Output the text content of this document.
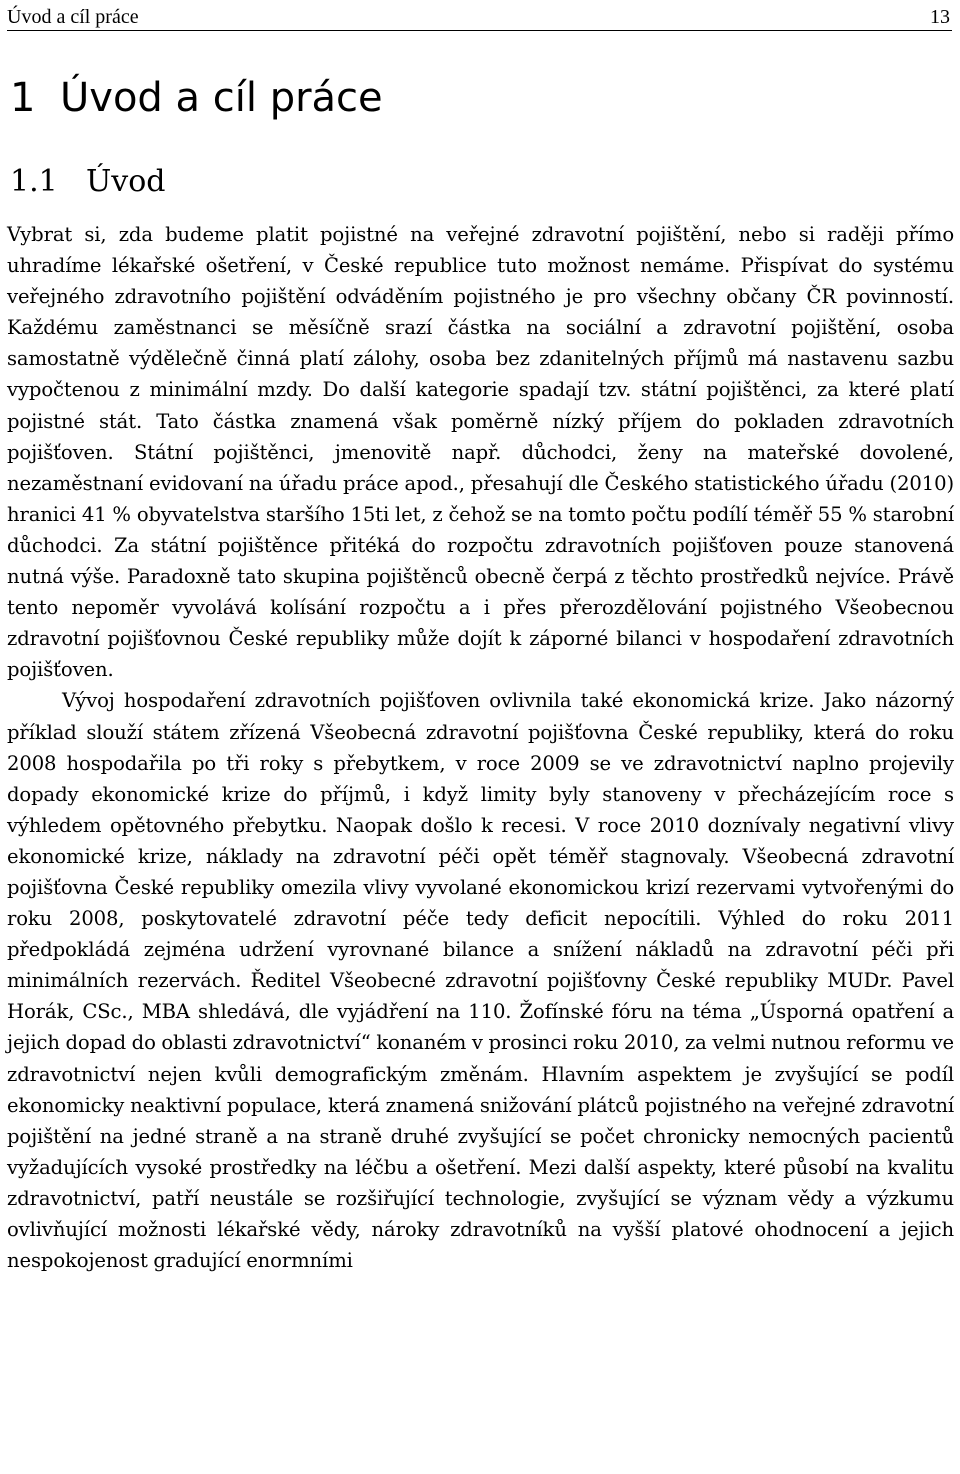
Úvod a cíl práce	13
1 Úvod a cíl práce
1.1 Úvod

Vybrat si, zda budeme platit pojistné na veřejné zdravotní pojištění, nebo si raději přímo uhradíme lékařské ošetření, v České republice tuto možnost nemáme. Přispívat do systému veřejného zdravotního pojištění odváděním pojistného je pro všechny občany ČR povinností. Každému zaměstnanci se měsíčně srazí částka na sociální a zdravotní pojištění, osoba samostatně výdělečně činná platí zálohy, osoba bez zdanitelných příjmů má nastavenu sazbu vypočtenou z minimální mzdy. Do další kategorie spadají tzv. státní pojištěnci, za které platí pojistné stát. Tato částka znamená však poměrně nízký příjem do pokladen zdravotních pojišťoven. Státní pojištěnci, jmenovitě např. důchodci, ženy na mateřské dovolené, nezaměstnaní evidovaní na úřadu práce apod., přesahují dle Českého statistického úřadu (2010) hranici 41 % obyvatelstva staršího 15ti let, z čehož se na tomto počtu podílí téměř 55 % starobní důchodci. Za státní pojištěnce přitéká do rozpočtu zdravotních pojišťoven pouze stanovená nutná výše. Paradoxně tato skupina pojištěnců obecně čerpá z těchto prostředků nejvíce. Právě tento nepoměr vyvolává kolísání rozpočtu a i přes přerozdělování pojistného Všeobecnou zdravotní pojišťovnou České republiky může dojít k záporné bilanci v hospodaření zdravotních pojišťoven.

Vývoj hospodaření zdravotních pojišťoven ovlivnila také ekonomická krize. Jako názorný příklad slouží státem zřízená Všeobecná zdravotní pojišťovna České republiky, která do roku 2008 hospodařila po tři roky s přebytkem, v roce 2009 se ve zdravotnictví naplno projevily dopady ekonomické krize do příjmů, i když limity byly stanoveny v přecházejícím roce s výhledem opětovného přebytku. Naopak došlo k recesi. V roce 2010 doznívaly negativní vlivy ekonomické krize, náklady na zdravotní péči opět téměř stagnovaly. Všeobecná zdravotní pojišťovna České republiky omezila vlivy vyvolané ekonomickou krizí rezervami vytvořenými do roku 2008, poskytovatelé zdravotní péče tedy deficit nepocítili. Výhled do roku 2011 předpokládá zejména udržení vyrovnané bilance a snížení nákladů na zdravotní péči při minimálních rezervách. Ředitel Všeobecné zdravotní pojišťovny České republiky MUDr. Pavel Horák, CSc., MBA shledává, dle vyjádření na 110. Žofínské fóru na téma „Úsporná opatření a jejich dopad do oblasti zdravotnictví“ konaném v prosinci roku 2010, za velmi nutnou reformu ve zdravotnictví nejen kvůli demografickým změnám. Hlavním aspektem je zvyšující se podíl ekonomicky neaktivní populace, která znamená snižování plátců pojistného na veřejné zdravotní pojištění na jedné straně a na straně druhé zvyšující se počet chronicky nemocných pacientů vyžadujících vysoké prostředky na léčbu a ošetření. Mezi další aspekty, které působí na kvalitu zdravotnictví, patří neustále se rozšiřující technologie, zvyšující se význam vědy a výzkumu ovlivňující možnosti lékařské vědy, nároky zdravotníků na vyšší platové ohodnocení a jejich nespokojenost gradující enormními
